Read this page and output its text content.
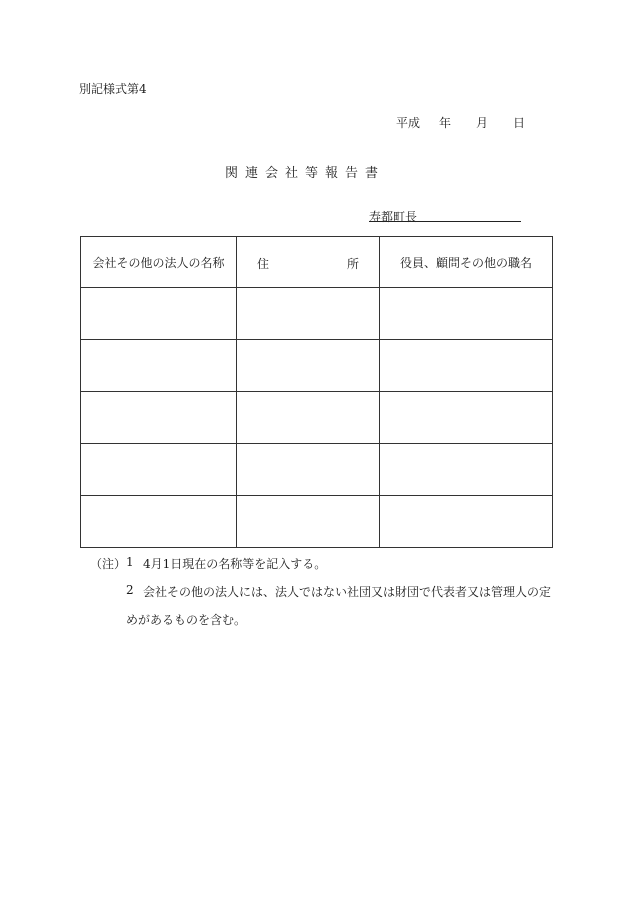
別記様式第4
平成 年 月 日
関連会社等報告書
寿都町長
会社その他の法人の名称	住 所	役員、顧問その他の職名

（注） 1 4月1日現在の名称等を記入する。
2 会社その他の法人には、法人ではない社団又は財団で代表者又は管理人の定
めがあるものを含む。
